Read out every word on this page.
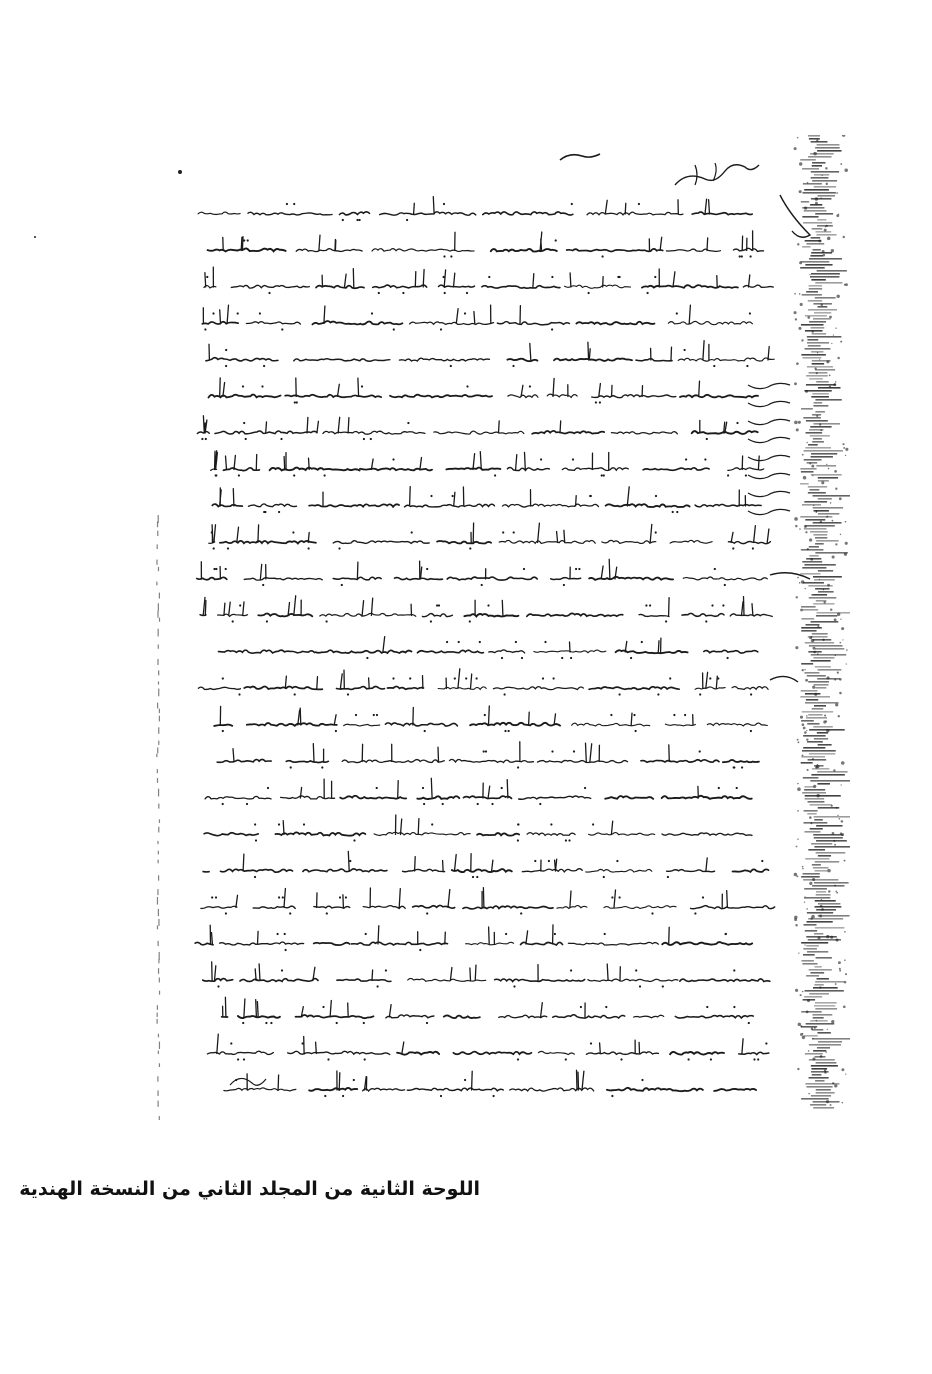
اللوحة الثانية من المجلد الثاني من النسخة الهندية
